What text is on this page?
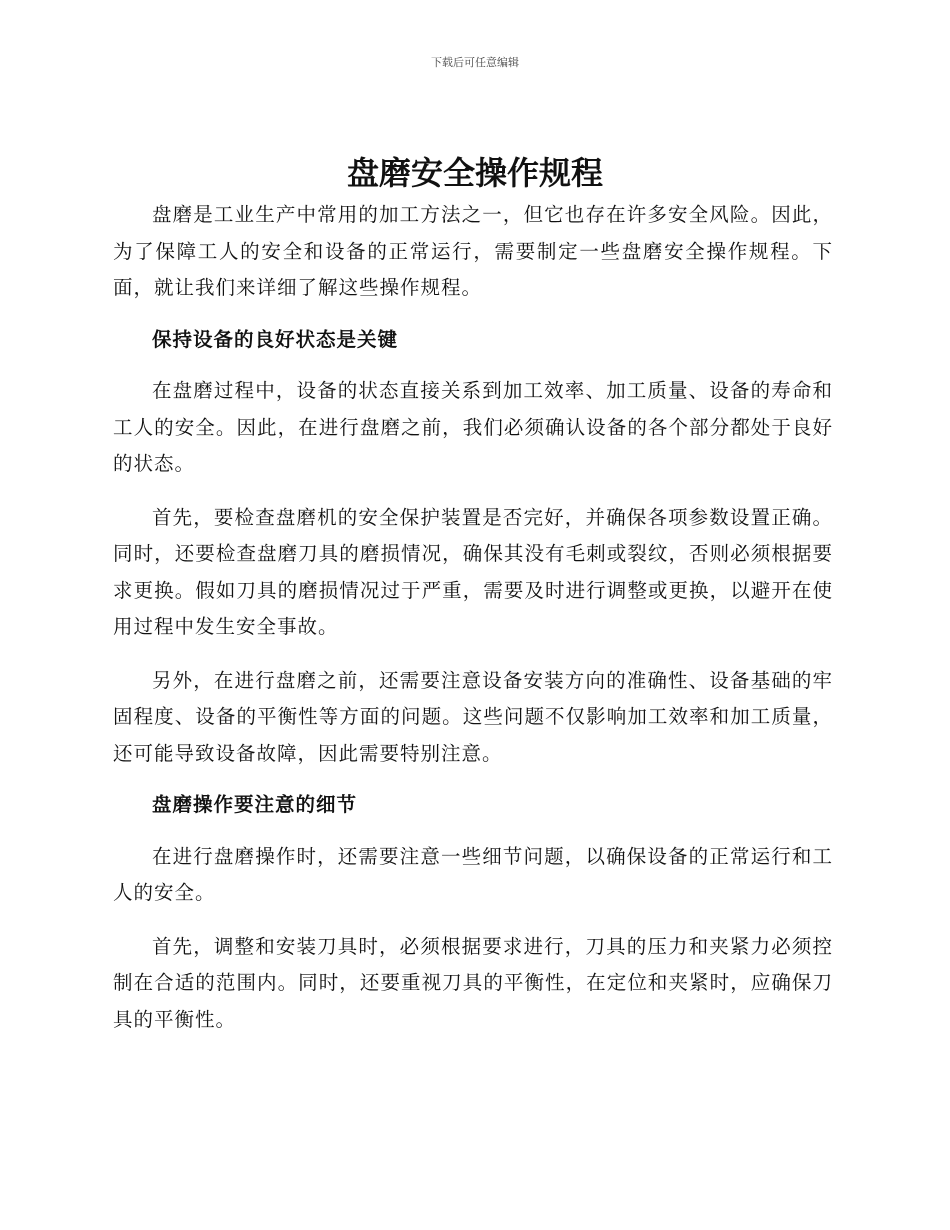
下载后可任意编辑
盘磨安全操作规程

盘磨是工业生产中常用的加工方法之一，但它也存在许多安全风险。因此，为了保障工人的安全和设备的正常运行，需要制定一些盘磨安全操作规程。下面，就让我们来详细了解这些操作规程。

保持设备的良好状态是关键

在盘磨过程中，设备的状态直接关系到加工效率、加工质量、设备的寿命和工人的安全。因此，在进行盘磨之前，我们必须确认设备的各个部分都处于良好的状态。

首先，要检查盘磨机的安全保护装置是否完好，并确保各项参数设置正确。同时，还要检查盘磨刀具的磨损情况，确保其没有毛刺或裂纹，否则必须根据要求更换。假如刀具的磨损情况过于严重，需要及时进行调整或更换，以避开在使用过程中发生安全事故。

另外，在进行盘磨之前，还需要注意设备安装方向的准确性、设备基础的牢固程度、设备的平衡性等方面的问题。这些问题不仅影响加工效率和加工质量，还可能导致设备故障，因此需要特别注意。

盘磨操作要注意的细节

在进行盘磨操作时，还需要注意一些细节问题，以确保设备的正常运行和工人的安全。

首先，调整和安装刀具时，必须根据要求进行，刀具的压力和夹紧力必须控制在合适的范围内。同时，还要重视刀具的平衡性，在定位和夹紧时，应确保刀具的平衡性。
